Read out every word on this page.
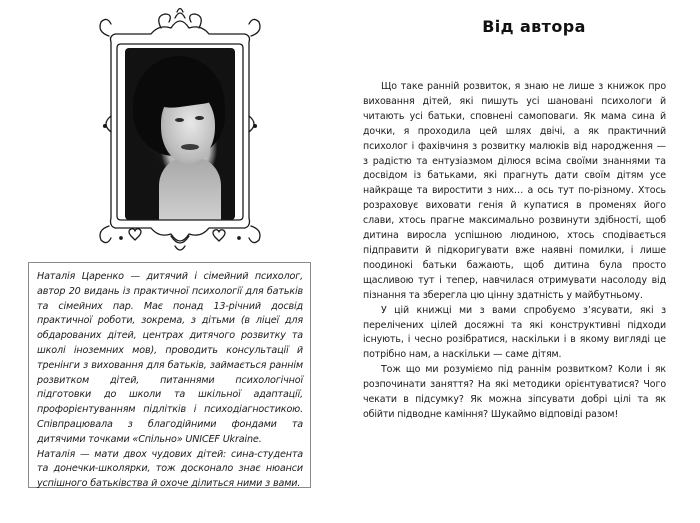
Наталія Царенко — дитячий і сімейний психолог, автор 20 видань із практичної психології для батьків та сімейних пар. Має понад 13-річний досвід практичної роботи, зокрема, з дітьми (в ліцеї для обдарованих дітей, центрах дитячого розвитку та школі іноземних мов), проводить консультації й тренінги з виховання для батьків, займається раннім розвитком дітей, питаннями психологічної підготовки до школи та шкільної адаптації, профорієнтуванням підлітків і психодіагностикою. Співпрацювала з благодійними фондами та дитячими точками «Спільно» UNICEF Ukraine.

Наталія — мати двох чудових дітей: сина-студента та донечки-школярки, тож досконало знає нюанси успішного батьківства й охоче ділиться ними з вами.

Від автора

Що таке ранній розвиток, я знаю не лише з книжок про виховання дітей, які пишуть усі шановані психологи й читають усі батьки, сповнені самоповаги. Як мама сина й дочки, я проходила цей шлях двічі, а як практичний психолог і фахівчиня з розвитку малюків від народження — з радістю та ентузіазмом ділюся всіма своїми знаннями та досвідом із батьками, які прагнуть дати своїм дітям усе найкраще та виростити з них… а ось тут по-різному. Хтось розраховує виховати генія й купатися в променях його слави, хтось прагне максимально розвинути здібності, щоб дитина виросла успішною людиною, хтось сподівається підправити й підкоригувати вже наявні помилки, і лише поодинокі батьки бажають, щоб дитина була просто щасливою тут і тепер, навчилася отримувати насолоду від пізнання та зберегла цю цінну здатність у майбутньому.

У цій книжці ми з вами спробуємо з’ясувати, які з перелічених цілей досяжні та які конструктивні підходи існують, і чесно розібратися, наскільки і в якому вигляді це потрібно нам, а наскільки — саме дітям.

Тож що ми розуміємо під раннім розвитком? Коли і як розпочинати заняття? На які методики орієнтуватися? Чого чекати в підсумку? Як можна зіпсувати добрі цілі та як обійти підводне каміння? Шукаймо відповіді разом!
